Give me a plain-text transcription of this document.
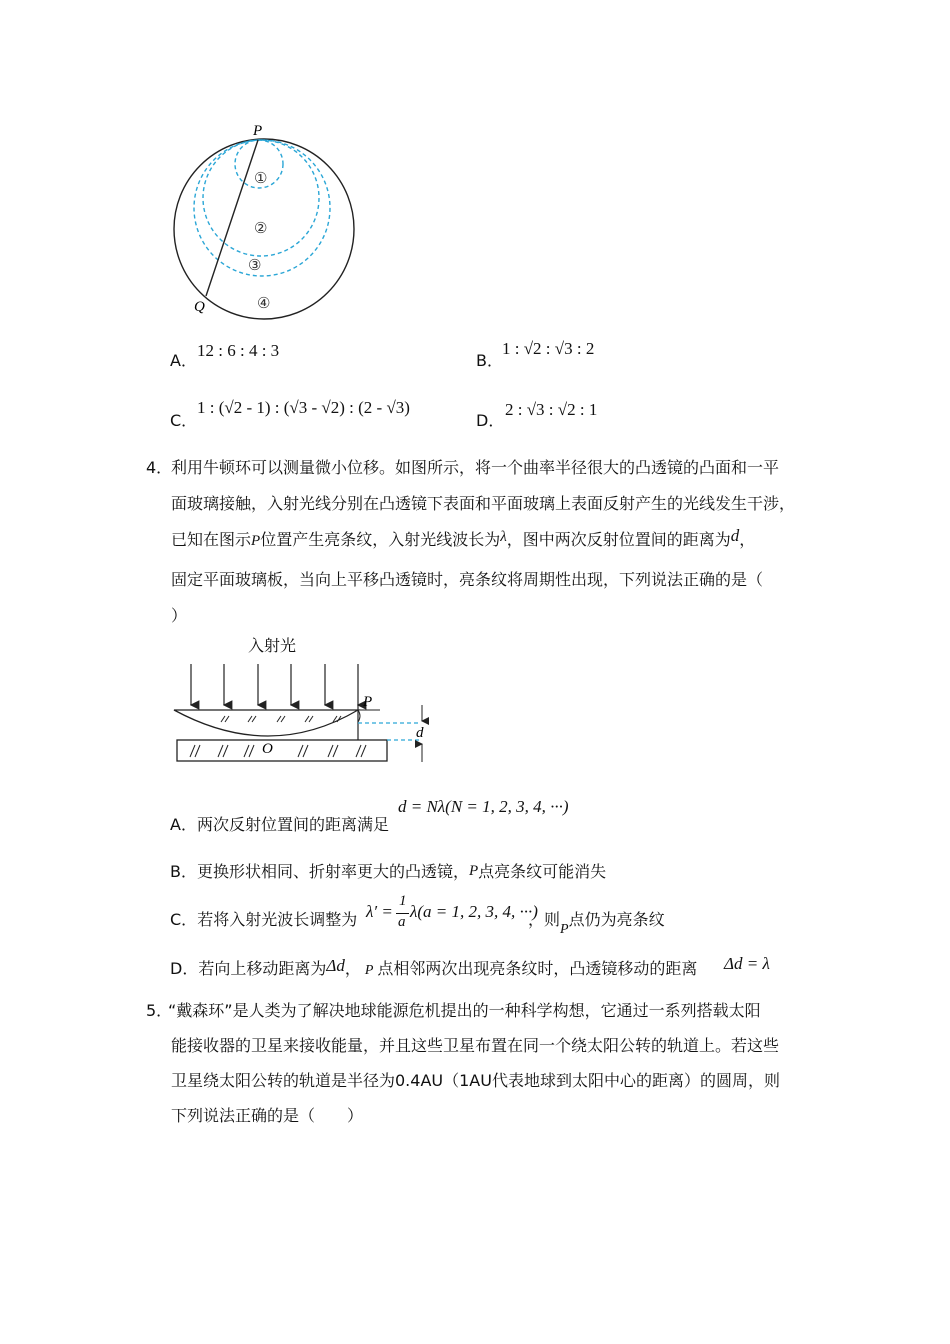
P
Q
①
②
③
④
A．
12 : 6 : 4 : 3
B．
1 : √2 : √3 : 2
C．
1 : (√2 - 1) : (√3 - √2) : (2 - √3)
D．
2 : √3 : √2 : 1
4．
利用牛顿环可以测量微小位移。如图所示，将一个曲率半径很大的凸透镜的凸面和一平
面玻璃接触，入射光线分别在凸透镜下表面和平面玻璃上表面反射产生的光线发生干涉，
已知在图示P位置产生亮条纹，入射光线波长为λ，图中两次反射位置间的距离为d，
固定平面玻璃板，当向上平移凸透镜时，亮条纹将周期性出现，下列说法正确的是（
）
入射光
P
O
d
A．两次反射位置间的距离满足
d = Nλ(N = 1, 2, 3, 4, ···)
B．更换形状相同、折射率更大的凸透镜，P点亮条纹可能消失
C．若将入射光波长调整为 λ′ =
1
a
λ(a = 1, 2, 3, 4, ···)
，则P点仍为亮条纹
D．若向上移动距离为Δd， P 点相邻两次出现亮条纹时，凸透镜移动的距离 Δd = λ
5．
“戴森环”是人类为了解决地球能源危机提出的一种科学构想，它通过一系列搭载太阳
能接收器的卫星来接收能量，并且这些卫星布置在同一个绕太阳公转的轨道上。若这些
卫星绕太阳公转的轨道是半径为0.4AU（1AU代表地球到太阳中心的距离）的圆周，则
下列说法正确的是（　　）
